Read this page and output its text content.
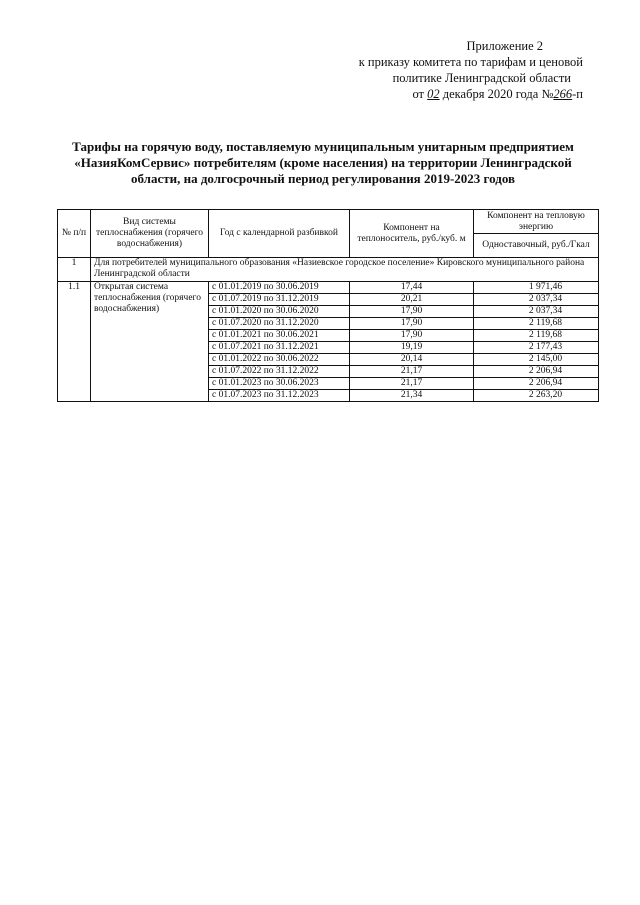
Приложение 2
к приказу комитета по тарифам и ценовой
политике Ленинградской области
от 02 декабря 2020 года №266-п
Тарифы на горячую воду, поставляемую муниципальным унитарным предприятием «НазияКомСервис» потребителям (кроме населения) на территории Ленинградской области, на долгосрочный период регулирования 2019-2023 годов
№ п/п	Вид системы теплоснабжения (горячего водоснабжения)	Год с календарной разбивкой	Компонент на теплоноситель, руб./куб. м	Компонент на тепловую энергию
				Одноставочный, руб./Гкал
1	Для потребителей муниципального образования «Назиевское городское поселение» Кировского муниципального района Ленинградской области			
1.1	Открытая система теплоснабжения (горячего водоснабжения)	с 01.01.2019 по 30.06.2019	17,44	1 971,46
		с 01.07.2019 по 31.12.2019	20,21	2 037,34
		с 01.01.2020 по 30.06.2020	17,90	2 037,34
		с 01.07.2020 по 31.12.2020	17,90	2 119,68
		с 01.01.2021 по 30.06.2021	17,90	2 119,68
		с 01.07.2021 по 31.12.2021	19,19	2 177,43
		с 01.01.2022 по 30.06.2022	20,14	2 145,00
		с 01.07.2022 по 31.12.2022	21,17	2 206,94
		с 01.01.2023 по 30.06.2023	21,17	2 206,94
		с 01.07.2023 по 31.12.2023	21,34	2 263,20
